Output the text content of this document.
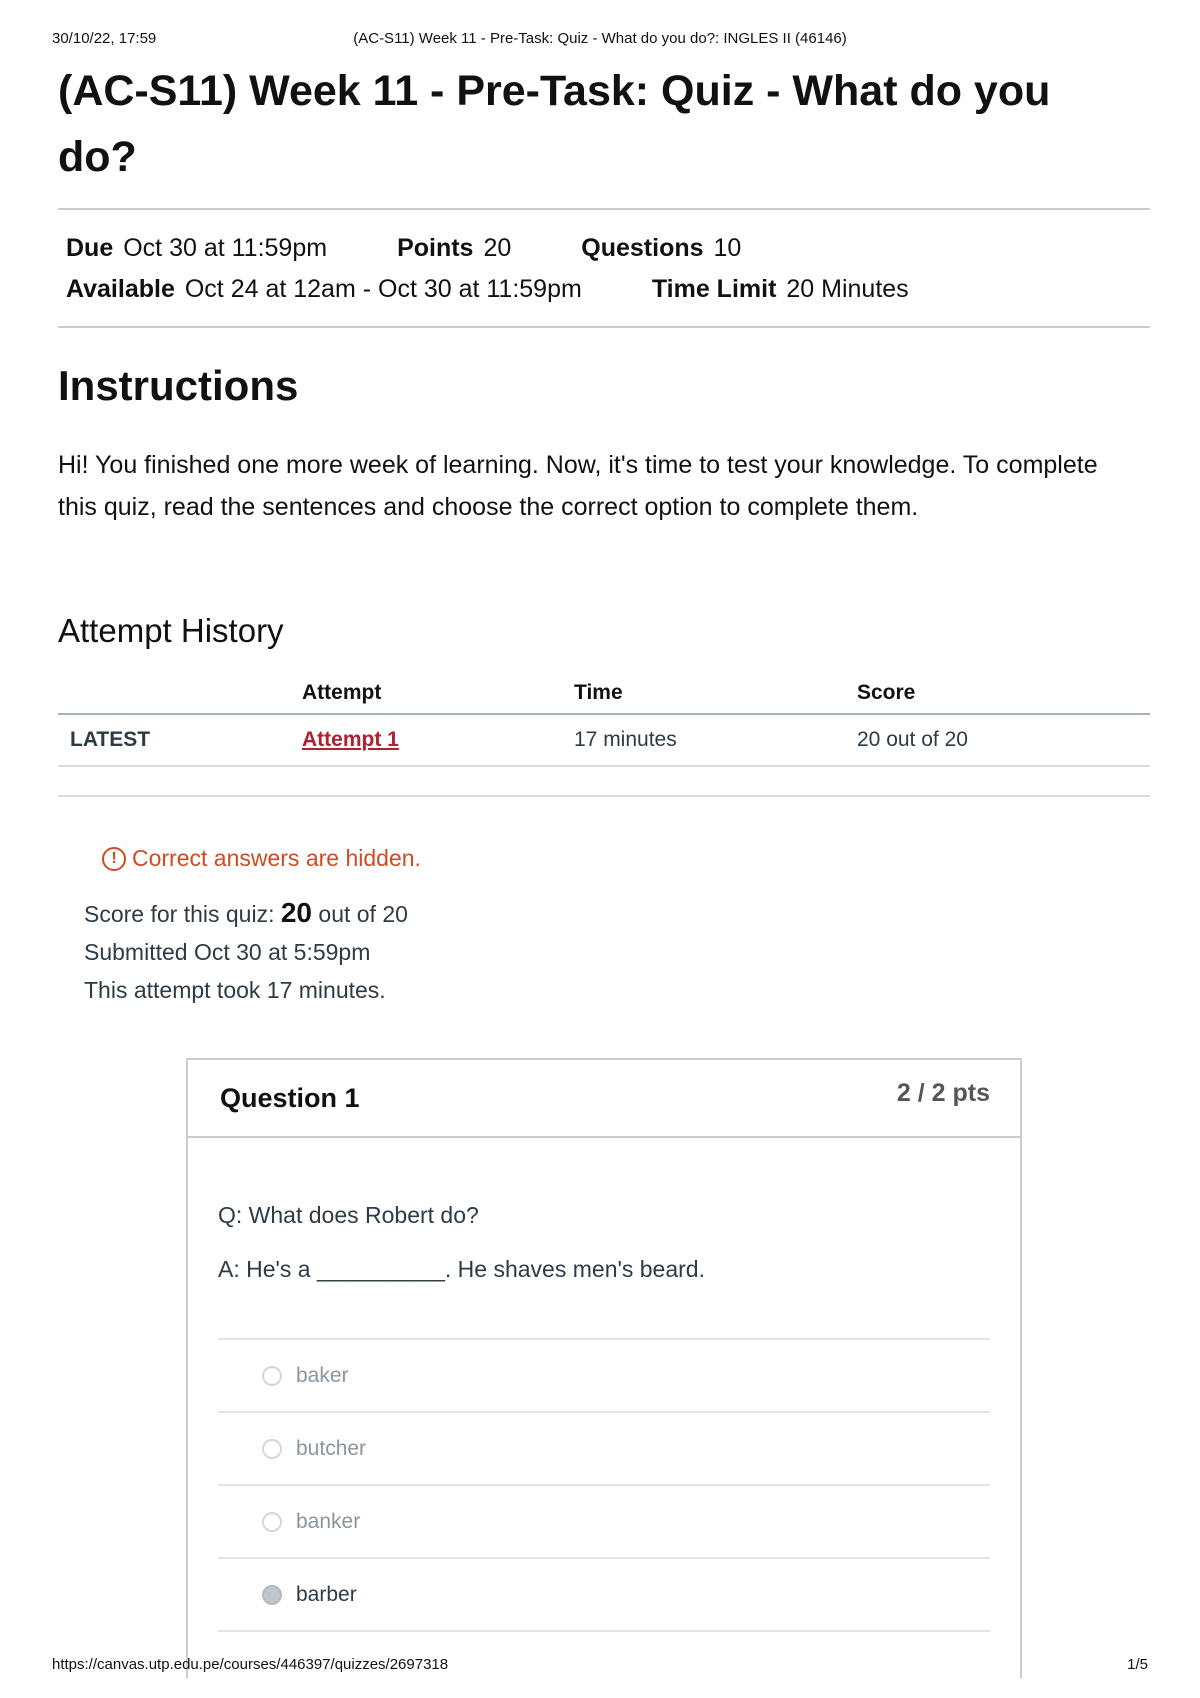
30/10/22, 17:59	(AC-S11) Week 11 - Pre-Task: Quiz - What do you do?: INGLES II (46146)
(AC-S11) Week 11 - Pre-Task: Quiz - What do you do?
Due Oct 30 at 11:59pm	Points 20	Questions 10
Available Oct 24 at 12am - Oct 30 at 11:59pm	Time Limit 20 Minutes
Instructions

Hi! You finished one more week of learning. Now, it's time to test your knowledge. To complete this quiz, read the sentences and choose the correct option to complete them.

Attempt History
	Attempt	Time	Score
LATEST	Attempt 1	17 minutes	20 out of 20
! Correct answers are hidden.
Score for this quiz: 20 out of 20
Submitted Oct 30 at 5:59pm
This attempt took 17 minutes.
Question 1	2 / 2 pts

Q: What does Robert do?

A: He's a __________. He shaves men's beard.

baker
butcher
banker
barber
https://canvas.utp.edu.pe/courses/446397/quizzes/2697318	1/5
